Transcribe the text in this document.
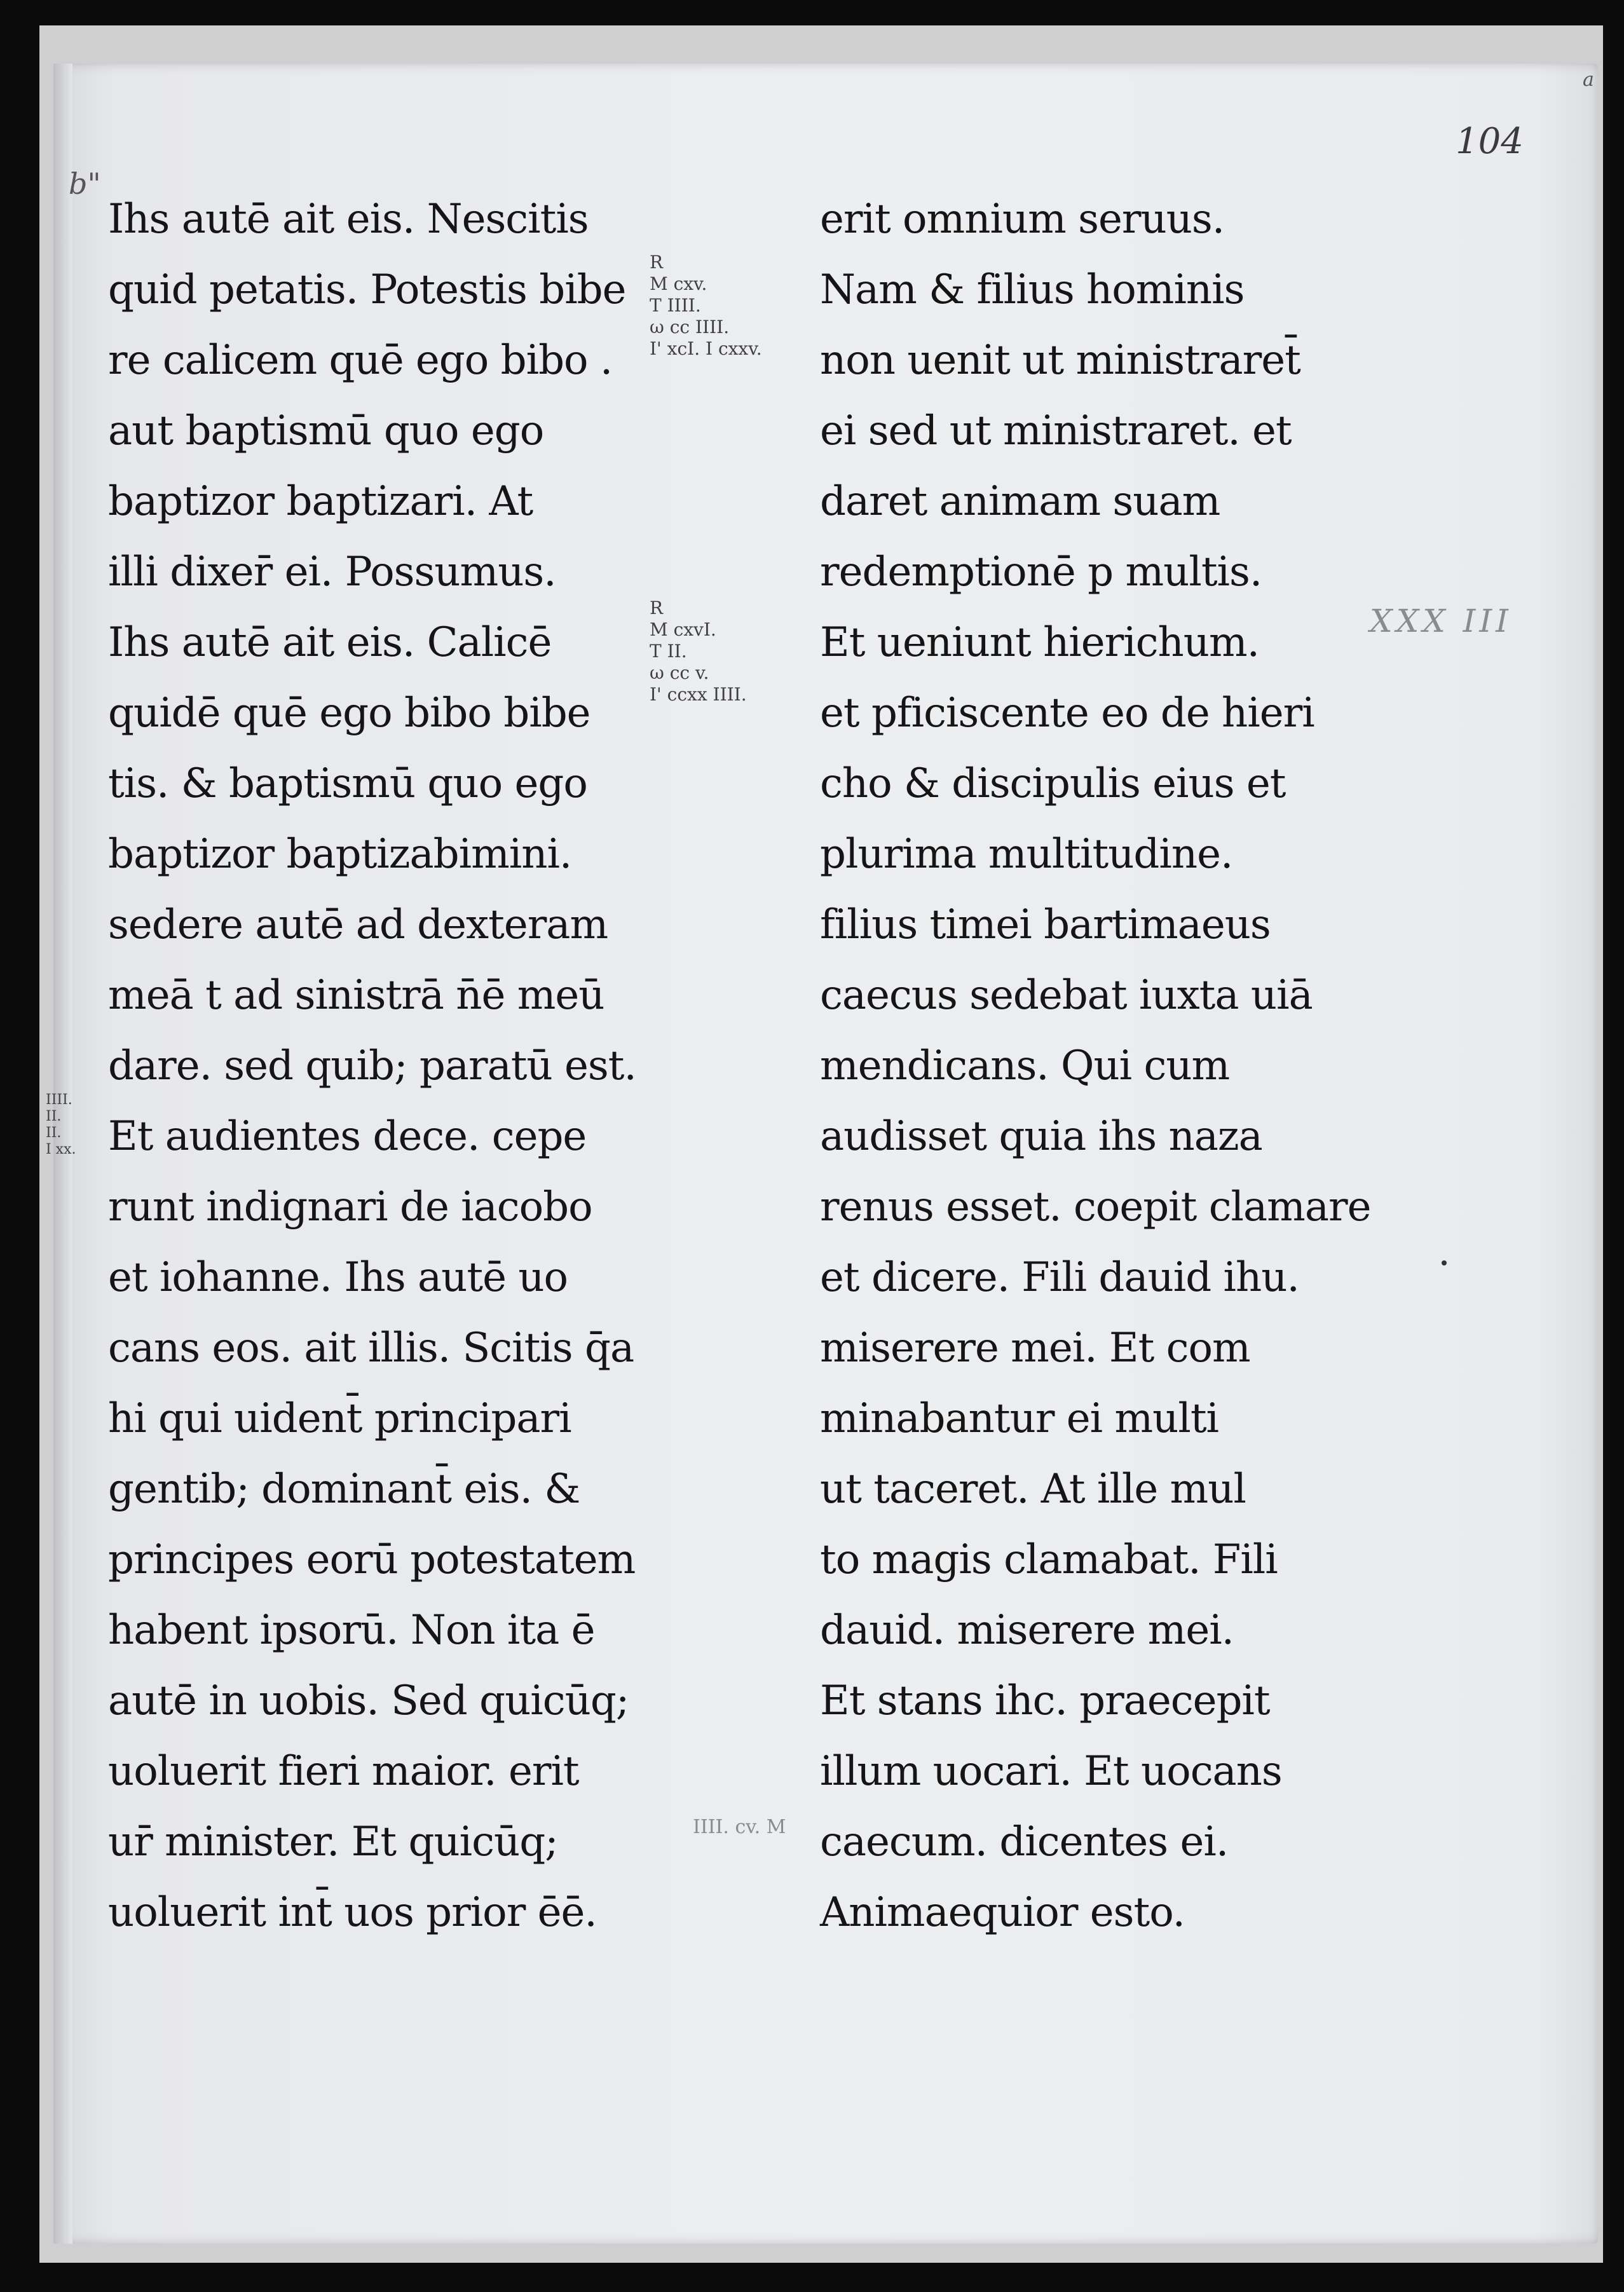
104
a
b"
Ihs autē ait eis. Nescitis
quid petatis. Potestis bibe
re calicem quē ego bibo .
aut baptismū quo ego
baptizor baptizari. At
illi dixer̄ ei. Possumus.
Ihs autē ait eis. Calicē
quidē quē ego bibo bibe
tis. & baptismū quo ego
baptizor baptizabimini.
sedere autē ad dexteram
meā t ad sinistrā n̄ē meū
dare. sed quib; paratū est.
Et audientes dece. cepe
runt indignari de iacobo
et iohanne. Ihs autē uo
cans eos. ait illis. Scitis q̄a
hi qui uident̄ principari
gentib; dominant̄ eis. &
principes eorū potestatem
habent ipsorū. Non ita ē
autē in uobis. Sed quicūq;
uoluerit fieri maior. erit
ur̄ minister. Et quicūq;
uoluerit int̄ uos prior ēē.
erit omnium seruus.
Nam & filius hominis
non uenit ut ministraret̄
ei sed ut ministraret. et
daret animam suam
redemptionē p multis.
Et ueniunt hierichum.
et pficiscente eo de hieri
cho & discipulis eius et
plurima multitudine.
filius timei bartimaeus
caecus sedebat iuxta uiā
mendicans. Qui cum
audisset quia ihs naza
renus esset. coepit clamare
et dicere. Fili dauid ihu.
miserere mei. Et com
minabantur ei multi
ut taceret. At ille mul
to magis clamabat. Fili
dauid. miserere mei.
Et stans ihc. praecepit
illum uocari. Et uocans
caecum. dicentes ei.
Animaequior esto.
R
M cxv.
T IIII.
ω cc IIII.
I' xcI. I cxxv.
R
M cxvI.
T II.
ω cc v.
I' ccxx IIII.
IIII.
II.
II.
I xx.
IIII. cv. M
XXX III
